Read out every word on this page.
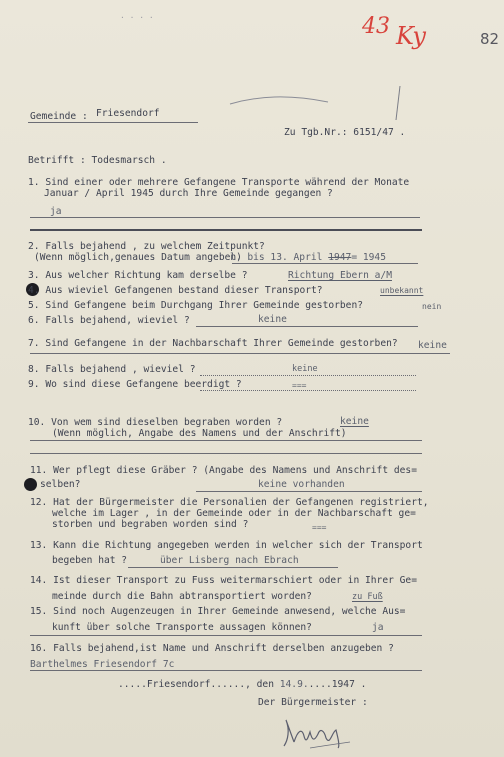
· · · ·	43 Ky	82
Gemeinde : Friesendorf
Zu Tgb.Nr.: 6151/47 .
Betrifft : Todesmarsch .
1. Sind einer oder mehrere Gefangene Transporte während der Monate
Januar / April 1945 durch Ihre Gemeinde gegangen ?
ja
2. Falls bejahend , zu welchem Zeitpunkt?
(Wenn möglich,genaues Datum angeben)
l. bis 13. April 1947= 1945
3. Aus welcher Richtung kam derselbe ?	Richtung Ebern a/M
4. Aus wieviel Gefangenen bestand dieser Transport?	unbekannt
5. Sind Gefangene beim Durchgang Ihrer Gemeinde gestorben?	nein
6. Falls bejahend, wieviel ?	keine
7. Sind Gefangene in der Nachbarschaft Ihrer Gemeinde gestorben? keine
8. Falls bejahend , wieviel ?	keine
9. Wo sind diese Gefangene beerdigt ?	===
10. Von wem sind dieselben begraben worden ?	keine
(Wenn möglich, Angabe des Namens und der Anschrift)
11. Wer pflegt diese Gräber ? (Angabe des Namens und Anschrift des=
selben?	keine vorhanden
12. Hat der Bürgermeister die Personalien der Gefangenen registriert,
welche im Lager , in der Gemeinde oder in der Nachbarschaft ge=
storben und begraben worden sind ?	===
13. Kann die Richtung angegeben werden in welcher sich der Transport
begeben hat ?	über Lisberg nach Ebrach
14. Ist dieser Transport zu Fuss weitermarschiert oder in Ihrer Ge=
meinde durch die Bahn abtransportiert worden?	zu Fuß
15. Sind noch Augenzeugen in Ihrer Gemeinde anwesend, welche Aus=
kunft über solche Transporte aussagen können?	ja
16. Falls bejahend,ist Name und Anschrift derselben anzugeben ?
Barthelmes Friesendorf 7c
.....Friesendorf......, den 14.9.....1947 .
Der Bürgermeister :
